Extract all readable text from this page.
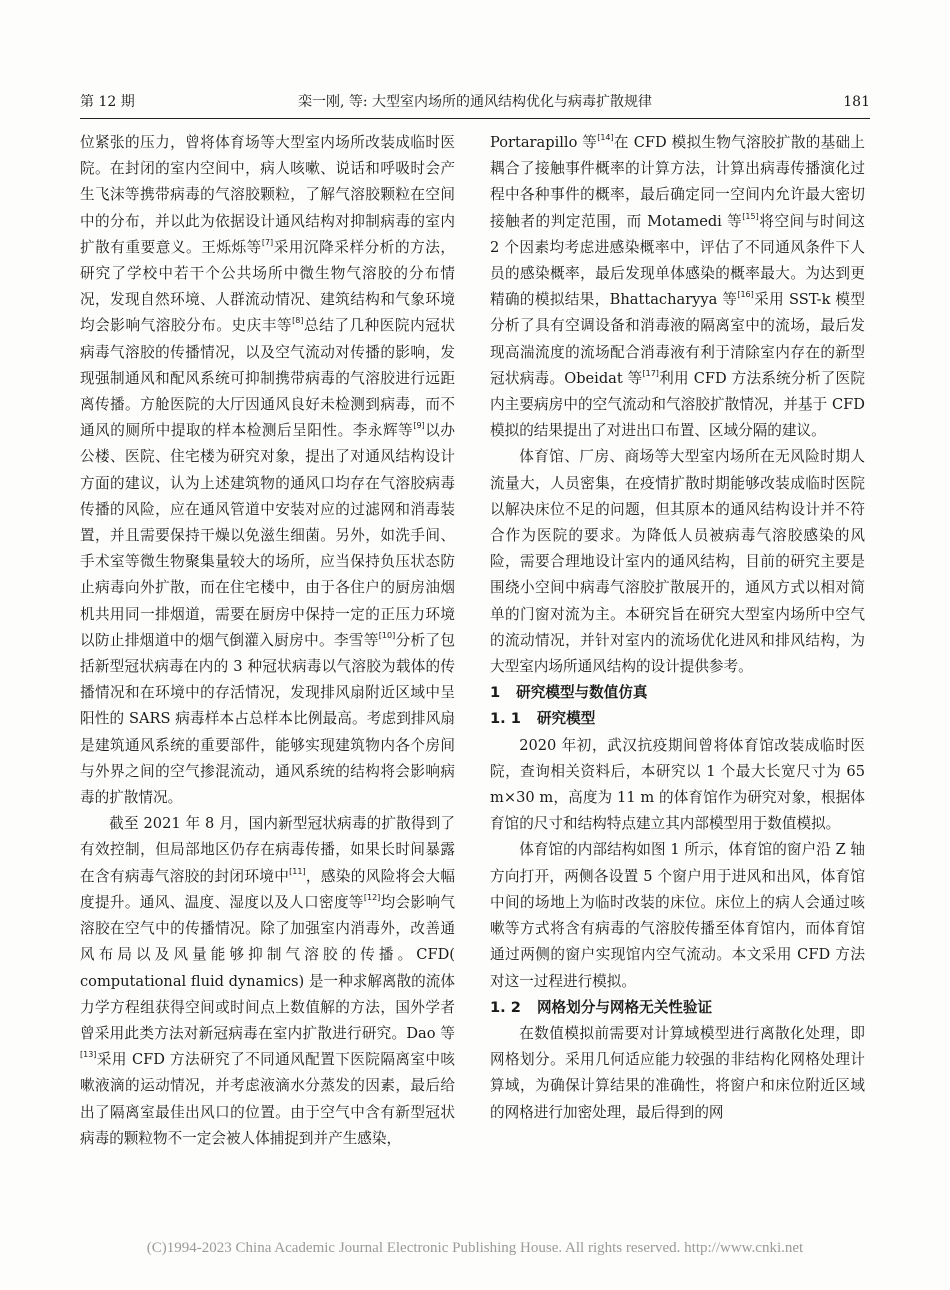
第 12 期	栾一刚, 等: 大型室内场所的通风结构优化与病毒扩散规律	181

位紧张的压力，曾将体育场等大型室内场所改装成临时医院。在封闭的室内空间中，病人咳嗽、说话和呼吸时会产生飞沫等携带病毒的气溶胶颗粒，了解气溶胶颗粒在空间中的分布，并以此为依据设计通风结构对抑制病毒的室内扩散有重要意义。王烁烁等[7]采用沉降采样分析的方法，研究了学校中若干个公共场所中微生物气溶胶的分布情况，发现自然环境、人群流动情况、建筑结构和气象环境均会影响气溶胶分布。史庆丰等[8]总结了几种医院内冠状病毒气溶胶的传播情况，以及空气流动对传播的影响，发现强制通风和配风系统可抑制携带病毒的气溶胶进行远距离传播。方舱医院的大厅因通风良好未检测到病毒，而不通风的厕所中提取的样本检测后呈阳性。李永辉等[9]以办公楼、医院、住宅楼为研究对象，提出了对通风结构设计方面的建议，认为上述建筑物的通风口均存在气溶胶病毒传播的风险，应在通风管道中安装对应的过滤网和消毒装置，并且需要保持干燥以免滋生细菌。另外，如洗手间、手术室等微生物聚集量较大的场所，应当保持负压状态防止病毒向外扩散，而在住宅楼中，由于各住户的厨房油烟机共用同一排烟道，需要在厨房中保持一定的正压力环境以防止排烟道中的烟气倒灌入厨房中。李雪等[10]分析了包括新型冠状病毒在内的 3 种冠状病毒以气溶胶为载体的传播情况和在环境中的存活情况，发现排风扇附近区域中呈阳性的 SARS 病毒样本占总样本比例最高。考虑到排风扇是建筑通风系统的重要部件，能够实现建筑物内各个房间与外界之间的空气掺混流动，通风系统的结构将会影响病毒的扩散情况。

截至 2021 年 8 月，国内新型冠状病毒的扩散得到了有效控制，但局部地区仍存在病毒传播，如果长时间暴露在含有病毒气溶胶的封闭环境中[11]，感染的风险将会大幅度提升。通风、温度、湿度以及人口密度等[12]均会影响气溶胶在空气中的传播情况。除了加强室内消毒外，改善通风布局以及风量能够抑制气溶胶的传播。CFD( computational fluid dynamics) 是一种求解离散的流体力学方程组获得空间或时间点上数值解的方法，国外学者曾采用此类方法对新冠病毒在室内扩散进行研究。Dao 等[13]采用 CFD 方法研究了不同通风配置下医院隔离室中咳嗽液滴的运动情况，并考虑液滴水分蒸发的因素，最后给出了隔离室最佳出风口的位置。由于空气中含有新型冠状病毒的颗粒物不一定会被人体捕捉到并产生感染，

Portarapillo 等[14]在 CFD 模拟生物气溶胶扩散的基础上耦合了接触事件概率的计算方法，计算出病毒传播演化过程中各种事件的概率，最后确定同一空间内允许最大密切接触者的判定范围，而 Motamedi 等[15]将空间与时间这 2 个因素均考虑进感染概率中，评估了不同通风条件下人员的感染概率，最后发现单体感染的概率最大。为达到更精确的模拟结果，Bhattacharyya 等[16]采用 SST-k 模型分析了具有空调设备和消毒液的隔离室中的流场，最后发现高湍流度的流场配合消毒液有利于清除室内存在的新型冠状病毒。Obeidat 等[17]利用 CFD 方法系统分析了医院内主要病房中的空气流动和气溶胶扩散情况，并基于 CFD 模拟的结果提出了对进出口布置、区域分隔的建议。

体育馆、厂房、商场等大型室内场所在无风险时期人流量大，人员密集，在疫情扩散时期能够改装成临时医院以解决床位不足的问题，但其原本的通风结构设计并不符合作为医院的要求。为降低人员被病毒气溶胶感染的风险，需要合理地设计室内的通风结构，目前的研究主要是围绕小空间中病毒气溶胶扩散展开的，通风方式以相对简单的门窗对流为主。本研究旨在研究大型室内场所中空气的流动情况，并针对室内的流场优化进风和排风结构，为大型室内场所通风结构的设计提供参考。

1 研究模型与数值仿真

1. 1 研究模型

2020 年初，武汉抗疫期间曾将体育馆改装成临时医院，查询相关资料后，本研究以 1 个最大长宽尺寸为 65 m×30 m，高度为 11 m 的体育馆作为研究对象，根据体育馆的尺寸和结构特点建立其内部模型用于数值模拟。

体育馆的内部结构如图 1 所示，体育馆的窗户沿 Z 轴方向打开，两侧各设置 5 个窗户用于进风和出风，体育馆中间的场地上为临时改装的床位。床位上的病人会通过咳嗽等方式将含有病毒的气溶胶传播至体育馆内，而体育馆通过两侧的窗户实现馆内空气流动。本文采用 CFD 方法对这一过程进行模拟。

1. 2 网格划分与网格无关性验证

在数值模拟前需要对计算域模型进行离散化处理，即网格划分。采用几何适应能力较强的非结构化网格处理计算域，为确保计算结果的准确性，将窗户和床位附近区域的网格进行加密处理，最后得到的网

(C)1994-2023 China Academic Journal Electronic Publishing House. All rights reserved. http://www.cnki.net
